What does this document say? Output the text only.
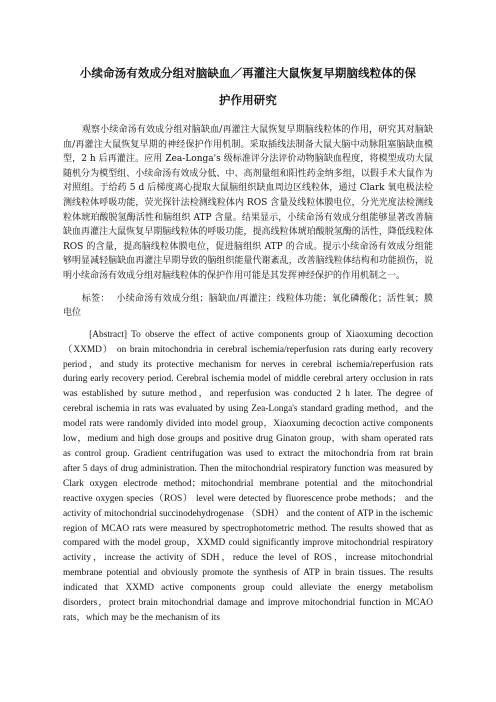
小续命汤有效成分组对脑缺血／再灌注大鼠恢复早期脑线粒体的保
护作用研究

观察小续命汤有效成分组对脑缺血/再灌注大鼠恢复早期脑线粒体的作用，研究其对脑缺血/再灌注大鼠恢复早期的神经保护作用机制。采取插线法制备大鼠大脑中动脉阻塞脑缺血模型，2 h 后再灌注。应用 Zea-Longa's 级标准评分法评价动物脑缺血程度，将模型成功大鼠随机分为模型组、小续命汤有效成分低、中、高剂量组和阳性药金纳多组，以假手术大鼠作为对照组。于给药 5 d 后梯度离心提取大鼠脑组织缺血周边区线粒体，通过 Clark 氧电极法检测线粒体呼吸功能，荧光探针法检测线粒体内 ROS 含量及线粒体膜电位，分光光度法检测线粒体琥珀酸脱氢酶活性和脑组织 ATP 含量。结果显示，小续命汤有效成分组能够显著改善脑缺血再灌注大鼠恢复早期脑线粒体的呼吸功能，提高线粒体琥珀酸脱氢酶的活性，降低线粒体 ROS 的含量，提高脑线粒体膜电位，促进脑组织 ATP 的合成。提示小续命汤有效成分组能够明显减轻脑缺血再灌注早期导致的脑组织能量代谢紊乱，改善脑线粒体结构和功能损伤，说明小续命汤有效成分组对脑线粒体的保护作用可能是其发挥神经保护的作用机制之一。

标签： 小续命汤有效成分组；脑缺血/再灌注；线粒体功能；氧化磷酸化；活性氧；膜电位

[Abstract] To observe the effect of active components group of Xiaoxuming decoction （XXMD） on brain mitochondria in cerebral ischemia/reperfusion rats during early recovery period，and study its protective mechanism for nerves in cerebral ischemia/reperfusion rats during early recovery period. Cerebral ischemia model of middle cerebral artery occlusion in rats was established by suture method，and reperfusion was conducted 2 h later. The degree of cerebral ischemia in rats was evaluated by using Zea-Longa's standard grading method，and the model rats were randomly divided into model group，Xiaoxuming decoction active components low，medium and high dose groups and positive drug Ginaton group，with sham operated rats as control group. Gradient centrifugation was used to extract the mitochondria from rat brain after 5 days of drug administration. Then the mitochondrial respiratory function was measured by Clark oxygen electrode method；mitochondrial membrane potential and the mitochondrial reactive oxygen species（ROS） level were detected by fluorescence probe methods； and the activity of mitochondrial succinodehydrogenase （SDH） and the content of ATP in the ischemic region of MCAO rats were measured by spectrophotometric method. The results showed that as compared with the model group，XXMD could significantly improve mitochondrial respiratory activity，increase the activity of SDH，reduce the level of ROS，increase mitochondrial membrane potential and obviously promote the synthesis of ATP in brain tissues. The results indicated that XXMD active components group could alleviate the energy metabolism disorders，protect brain mitochondrial damage and improve mitochondrial function in MCAO rats，which may be the mechanism of its
